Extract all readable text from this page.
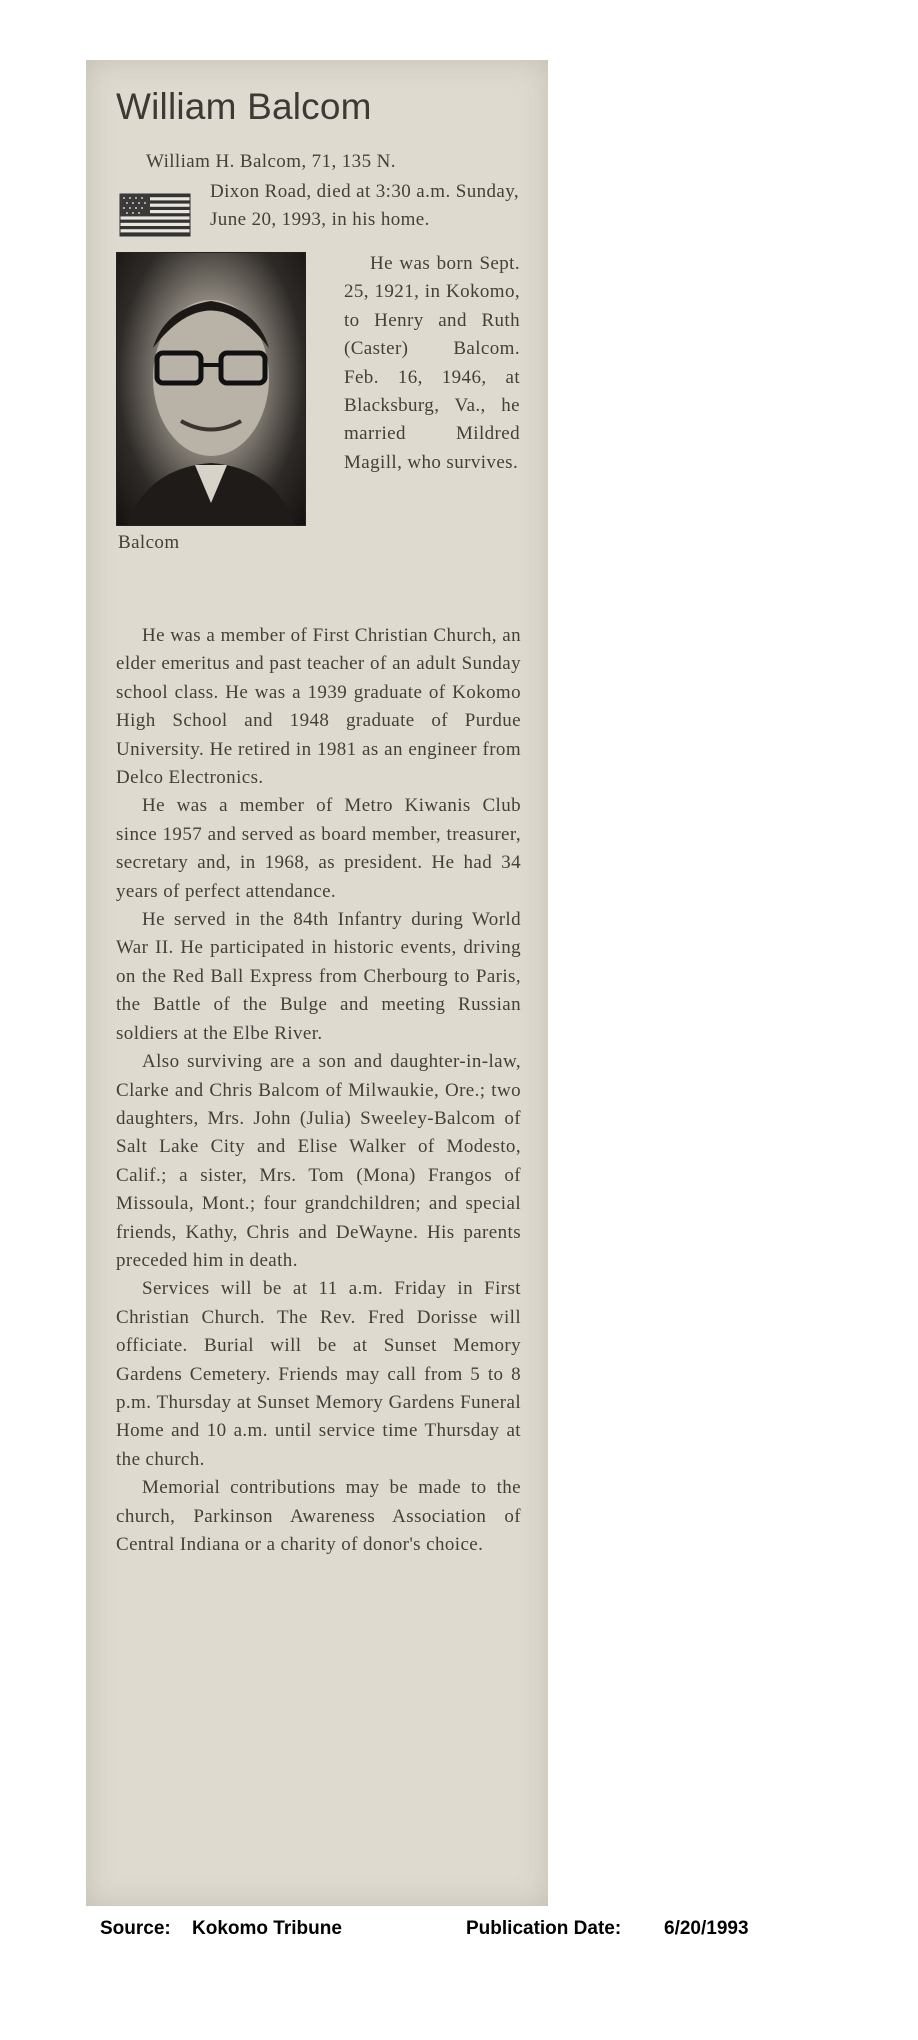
William Balcom
William H. Balcom, 71, 135 N.
Dixon Road, died at 3:30 a.m. Sunday, June 20, 1993, in his home.
Balcom
He was born Sept. 25, 1921, in Kokomo, to Henry and Ruth (Caster) Balcom. Feb. 16, 1946, at Blacksburg, Va., he married Mildred Magill, who survives.

He was a member of First Christian Church, an elder emeritus and past teacher of an adult Sunday school class. He was a 1939 graduate of Kokomo High School and 1948 graduate of Purdue University. He retired in 1981 as an engineer from Delco Electronics.

He was a member of Metro Kiwanis Club since 1957 and served as board member, treasurer, secretary and, in 1968, as president. He had 34 years of perfect attendance.

He served in the 84th Infantry during World War II. He participated in historic events, driving on the Red Ball Express from Cherbourg to Paris, the Battle of the Bulge and meeting Russian soldiers at the Elbe River.

Also surviving are a son and daughter-in-law, Clarke and Chris Balcom of Milwaukie, Ore.; two daughters, Mrs. John (Julia) Sweeley-Balcom of Salt Lake City and Elise Walker of Modesto, Calif.; a sister, Mrs. Tom (Mona) Frangos of Missoula, Mont.; four grandchildren; and special friends, Kathy, Chris and DeWayne. His parents preceded him in death.

Services will be at 11 a.m. Friday in First Christian Church. The Rev. Fred Dorisse will officiate. Burial will be at Sunset Memory Gardens Cemetery. Friends may call from 5 to 8 p.m. Thursday at Sunset Memory Gardens Funeral Home and 10 a.m. until service time Thursday at the church.

Memorial contributions may be made to the church, Parkinson Awareness Association of Central Indiana or a charity of donor's choice.

Source: Kokomo Tribune	Publication Date: 6/20/1993
